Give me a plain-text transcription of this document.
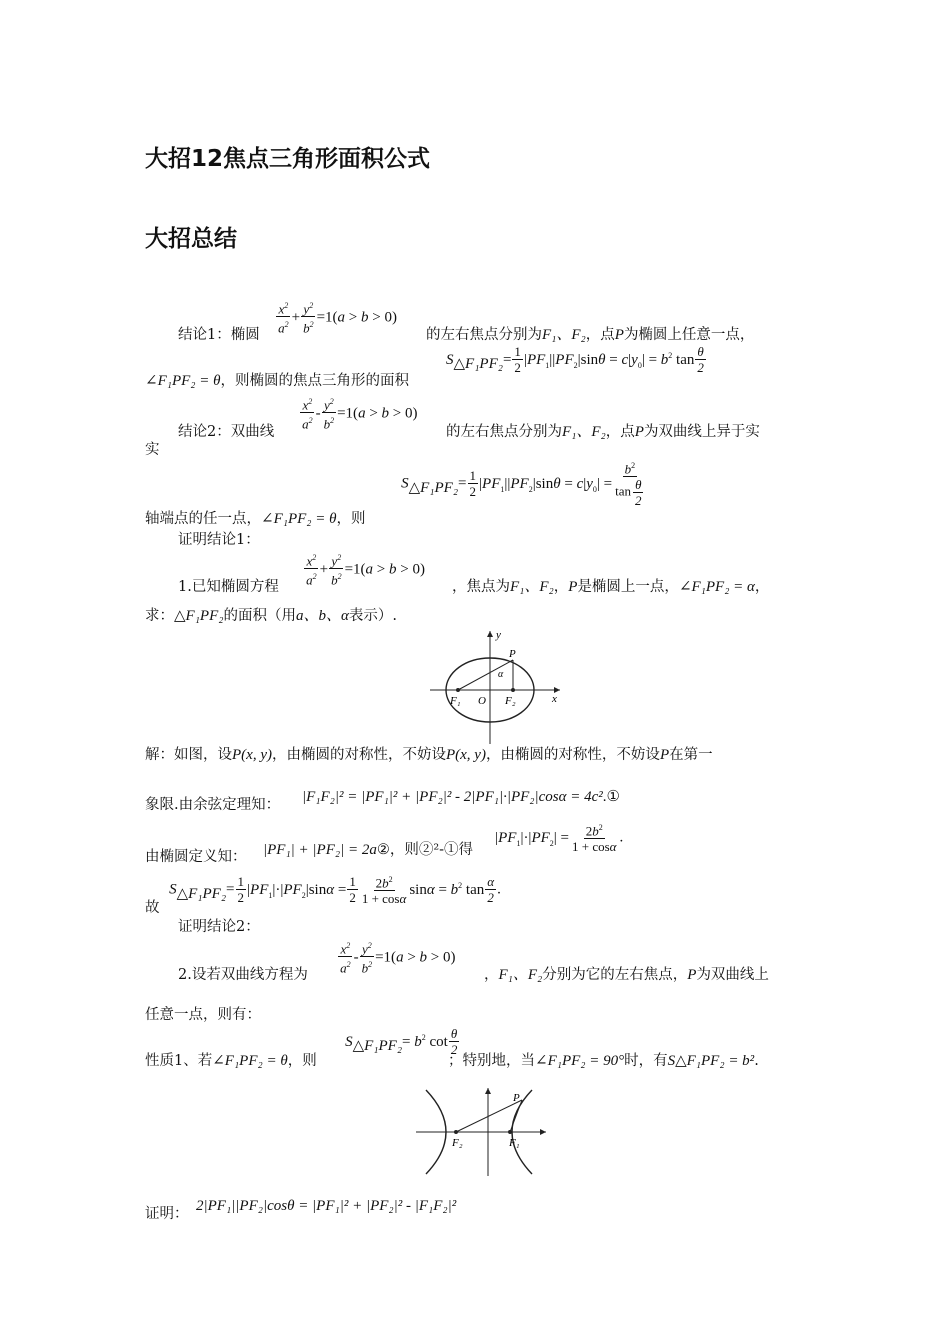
大招12焦点三角形面积公式
大招总结
结论1：椭圆 $\frac{x^2}{a^2} + \frac{y^2}{b^2} =1(a > b > 0)$
的左右焦点分别为F₁、F₂，点P为椭圆上任意一点，
∠F₁PF₂ = θ，则椭圆的焦点三角形的面积
$S_{\triangle F_1PF_2}= \frac{1}{2} |PF_1||PF_2|\sin\theta = c|y_0| = b^2$ $\tan \frac{\theta}{2}$
结论2：双曲线
$\frac{x^2}{a^2} - \frac{y^2}{b^2} =1(a > b > 0)$
的左右焦点分别为F₁、F₂，点P为双曲线上异于实
实
$S_{\triangle F_1PF_2}= \frac{1}{2} |PF_1||PF_2|\sin\theta = c|y_0| = \frac{b^2}{\tan \frac{\theta}{2}}$
轴端点的任一点，∠F₁PF₂ = θ，则
证明结论1：
1.已知椭圆方程 $\frac{x^2}{a^2} + \frac{y^2}{b^2} =1(a > b > 0)$
，焦点为F₁、F₂，P是椭圆上一点，∠F₁PF₂ = α，
求：△F₁PF₂的面积（用a、b、α表示）.
y
x
P
α
O
F₁	F₂
解：如图，设P(x, y)，由椭圆的对称性，不妨设P(x, y)，由椭圆的对称性，不妨设P在第一
象限.由余弦定理知： |F₁F₂|² = |PF₁|² + |PF₂|² - 2|PF₁|·|PF₂|cosα = 4c².①
由椭圆定义知： |PF₁| + |PF₂| = 2a②，则②²-①得
$|PF_1|\cdot|PF_2| = \frac{2b^2}{1 + \cos\alpha}$ .
故
$S_{\triangle F_1PF_2}= \frac{1}{2} |PF_1|\cdot|PF_2|\sin\alpha = \frac{1}{2} \frac{2b^2}{1 + \cos\alpha}$ $\sin\alpha = b^2$ $\tan \frac{\alpha}{2}$ .
证明结论2：
2.设若双曲线方程为 $\frac{x^2}{a^2} - \frac{y^2}{b^2} =1(a > b > 0)$
，F₁、F₂分别为它的左右焦点，P为双曲线上
任意一点，则有：
性质1、若∠F₁PF₂ = θ，则
$S_{\triangle F_1PF_2}= b^2$ $\cot \frac{\theta}{2}$
；特别地，当∠F₁PF₂ = 90°时，有S△F₁PF₂ = b².
P
F₂	F₁
证明： 2|PF₁||PF₂|cosθ = |PF₁|² + |PF₂|² - |F₁F₂|²
